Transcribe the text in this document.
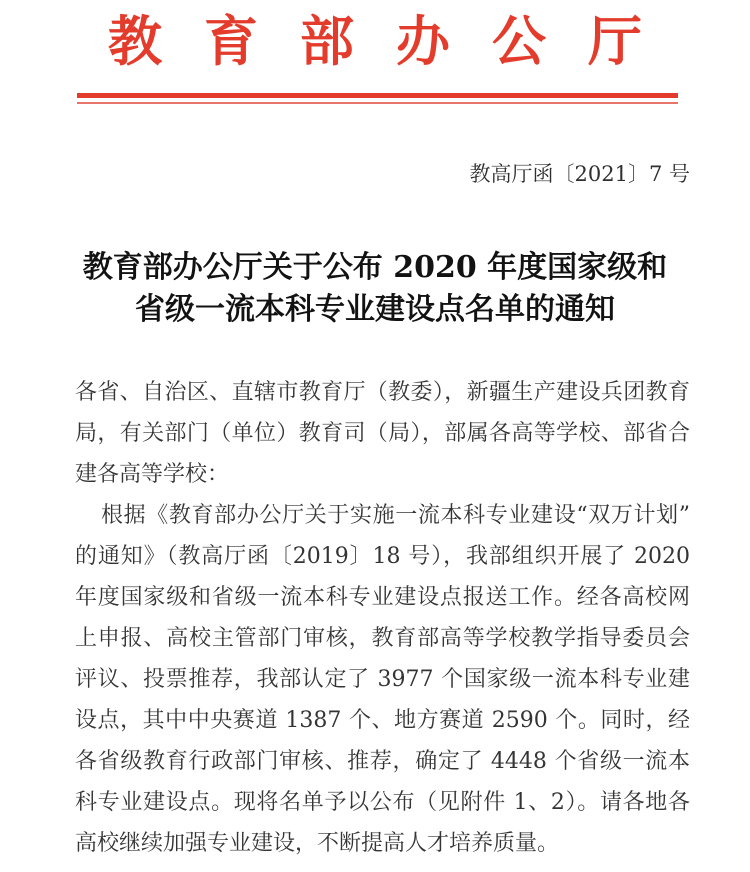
教育部办公厅
教高厅函〔2021〕7 号
教育部办公厅关于公布 2020 年度国家级和
省级一流本科专业建设点名单的通知

各省、自治区、直辖市教育厅（教委），新疆生产建设兵团教育局，有关部门（单位）教育司（局），部属各高等学校、部省合建各高等学校：

根据《教育部办公厅关于实施一流本科专业建设“双万计划”的通知》（教高厅函〔2019〕18 号），我部组织开展了 2020 年度国家级和省级一流本科专业建设点报送工作。经各高校网上申报、高校主管部门审核，教育部高等学校教学指导委员会评议、投票推荐，我部认定了 3977 个国家级一流本科专业建设点，其中中央赛道 1387 个、地方赛道 2590 个。同时，经各省级教育行政部门审核、推荐，确定了 4448 个省级一流本科专业建设点。现将名单予以公布（见附件 1、2）。请各地各高校继续加强专业建设，不断提高人才培养质量。
